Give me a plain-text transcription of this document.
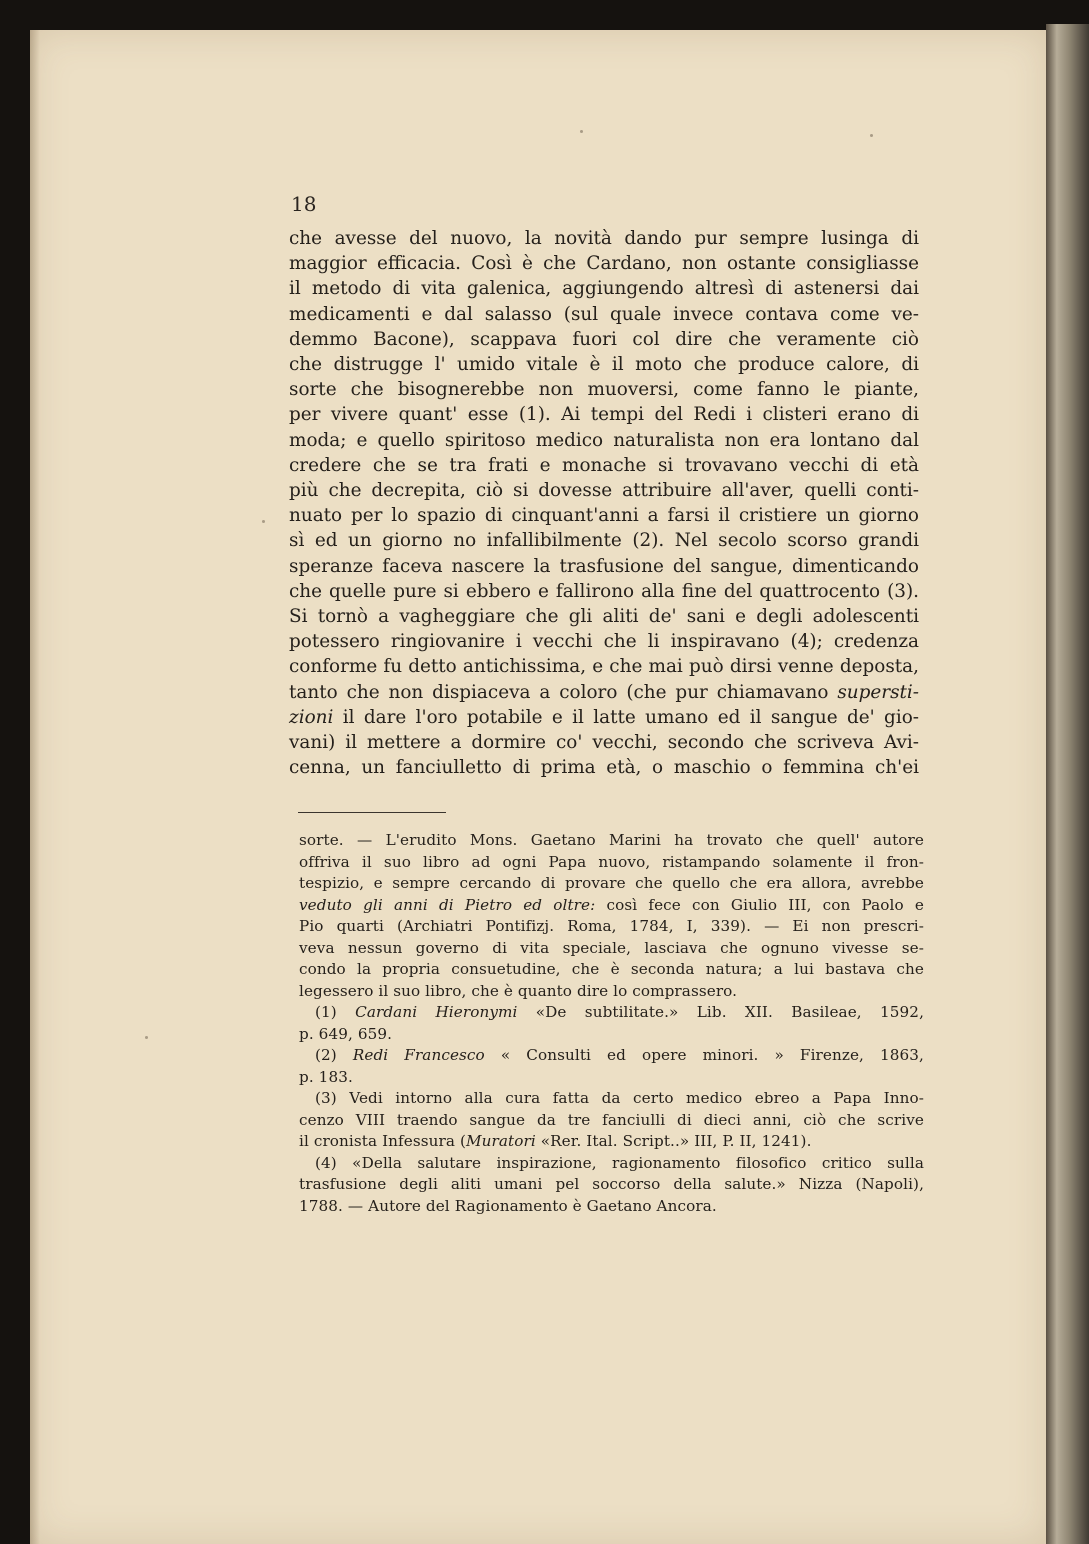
18
che avesse del nuovo, la novità dando pur sempre lusinga di
maggior efficacia. Così è che Cardano, non ostante consigliasse
il metodo di vita galenica, aggiungendo altresì di astenersi dai
medicamenti e dal salasso (sul quale invece contava come ve-
demmo Bacone), scappava fuori col dire che veramente ciò
che distrugge l' umido vitale è il moto che produce calore, di
sorte che bisognerebbe non muoversi, come fanno le piante,
per vivere quant' esse (1). Ai tempi del Redi i clisteri erano di
moda; e quello spiritoso medico naturalista non era lontano dal
credere che se tra frati e monache si trovavano vecchi di età
più che decrepita, ciò si dovesse attribuire all'aver, quelli conti-
nuato per lo spazio di cinquant'anni a farsi il cristiere un giorno
sì ed un giorno no infallibilmente (2). Nel secolo scorso grandi
speranze faceva nascere la trasfusione del sangue, dimenticando
che quelle pure si ebbero e fallirono alla fine del quattrocento (3).
Si tornò a vagheggiare che gli aliti de' sani e degli adolescenti
potessero ringiovanire i vecchi che li inspiravano (4); credenza
conforme fu detto antichissima, e che mai può dirsi venne deposta,
tanto che non dispiaceva a coloro (che pur chiamavano supersti-
zioni il dare l'oro potabile e il latte umano ed il sangue de' gio-
vani) il mettere a dormire co' vecchi, secondo che scriveva Avi-
cenna, un fanciulletto di prima età, o maschio o femmina ch'ei
sorte. — L'erudito Mons. Gaetano Marini ha trovato che quell' autore
offriva il suo libro ad ogni Papa nuovo, ristampando solamente il fron-
tespizio, e sempre cercando di provare che quello che era allora, avrebbe
veduto gli anni di Pietro ed oltre: così fece con Giulio III, con Paolo e
Pio quarti (Archiatri Pontifizj. Roma, 1784, I, 339). — Ei non prescri-
veva nessun governo di vita speciale, lasciava che ognuno vivesse se-
condo la propria consuetudine, che è seconda natura; a lui bastava che
legessero il suo libro, che è quanto dire lo comprassero.
(1) Cardani Hieronymi «De subtilitate.» Lib. XII. Basileae, 1592,
p. 649, 659.
(2) Redi Francesco « Consulti ed opere minori. » Firenze, 1863,
p. 183.
(3) Vedi intorno alla cura fatta da certo medico ebreo a Papa Inno-
cenzo VIII traendo sangue da tre fanciulli di dieci anni, ciò che scrive
il cronista Infessura (Muratori «Rer. Ital. Script..» III, P. II, 1241).
(4) «Della salutare inspirazione, ragionamento filosofico critico sulla
trasfusione degli aliti umani pel soccorso della salute.» Nizza (Napoli),
1788. — Autore del Ragionamento è Gaetano Ancora.
